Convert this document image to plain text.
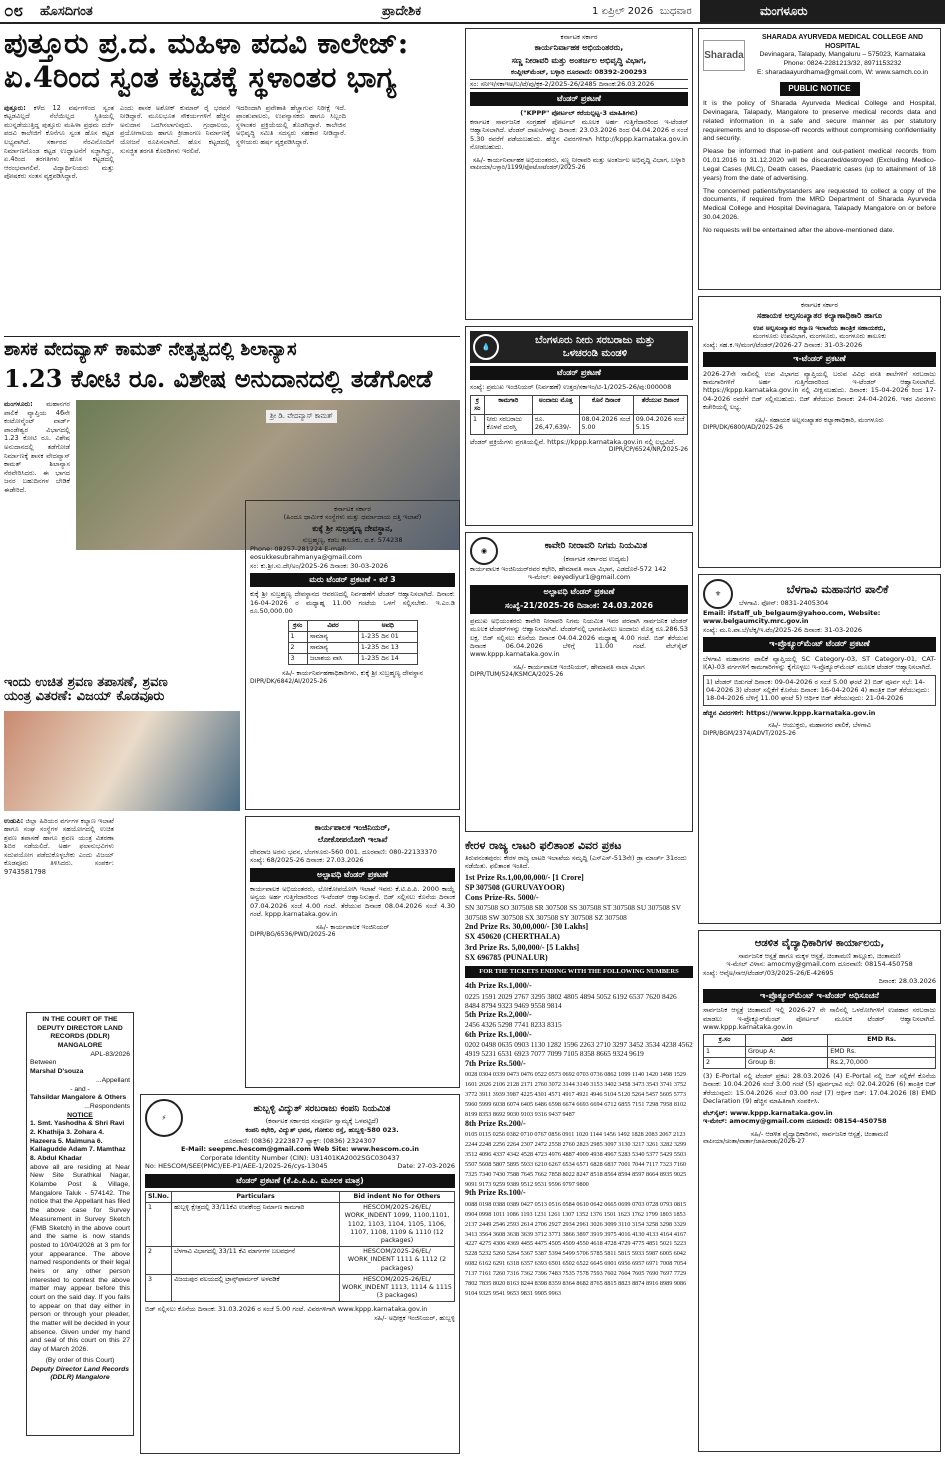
೦೮ ಹೊಸದಿಗಂತ	ಪ್ರಾದೇಶಿಕ	1 ಏಪ್ರಿಲ್ 2026 ಬುಧವಾರ	ಮಂಗಳೂರು
ಪುತ್ತೂರು ಪ್ರ.ದ. ಮಹಿಳಾ ಪದವಿ ಕಾಲೇಜ್:
ಏ.4ರಿಂದ ಸ್ವಂತ ಕಟ್ಟಡಕ್ಕೆ ಸ್ಥಳಾಂತರ ಭಾಗ್ಯ
ಪುತ್ತೂರು: ಕಳೆದ 12 ವರ್ಷಗಳಿಂದ ಸ್ವಂತ ಕಟ್ಟಡವಿಲ್ಲದೆ ನೆಲೆಯಿಲ್ಲದ ಸ್ಥಿತಿಯಲ್ಲಿ ಮುನ್ನಡೆಯುತ್ತಿದ್ದ ಪುತ್ತೂರು ಮಹಿಳಾ ಪ್ರಥಮ ದರ್ಜೆ ಪದವಿ ಕಾಲೇಜಿಗೆ ಕೊನೆಗೂ ಸ್ವಂತ ಹೊಸ ಕಟ್ಟಡ ಲಭ್ಯವಾಗಿದೆ. ಸರ್ಕಾರದ ನೆರವಿನೊಂದಿಗೆ ನಿರ್ಮಾಣಗೊಂಡ ಕಟ್ಟಡ ಉದ್ಘಾಟನೆಗೆ ಸಜ್ಜಾಗಿದ್ದು, ಏ.4ರಿಂದ ತರಗತಿಗಳು ಹೊಸ ಕಟ್ಟಡದಲ್ಲಿ ಆರಂಭವಾಗಲಿವೆ. ವಿದ್ಯಾರ್ಥಿನಿಯರು ಮತ್ತು ಪೋಷಕರು ಸಂತಸ ವ್ಯಕ್ತಪಡಿಸಿದ್ದಾರೆ.
ಎಂದು ಶಾಸಕ ಅಶೋಕ್ ಕುಮಾರ್ ರೈ ಭರವಸೆ ನೀಡಿದ್ದಾರೆ. ಮೂಲಭೂತ ಸೌಕರ್ಯಗಳಿಗೆ ಹೆಚ್ಚಿನ ಅನುದಾನ ಒದಗಿಸಲಾಗುವುದು. ಗ್ರಂಥಾಲಯ, ಪ್ರಯೋಗಾಲಯ ಹಾಗೂ ಕ್ರೀಡಾಂಗಣ ನಿರ್ಮಾಣಕ್ಕೆ ಯೋಜನೆ ರೂಪಿಸಲಾಗಿದೆ. ಹೊಸ ಕಟ್ಟಡದಲ್ಲಿ ಸುಸಜ್ಜಿತ ತರಗತಿ ಕೊಠಡಿಗಳು ಇರಲಿವೆ.
ಇದರಿಂದಾಗಿ ಪ್ರವೇಶಾತಿ ಹೆಚ್ಚಾಗುವ ನಿರೀಕ್ಷೆ ಇದೆ. ಪ್ರಾಂಶುಪಾಲರು, ಉಪನ್ಯಾಸಕರು ಹಾಗೂ ಸಿಬ್ಬಂದಿ ಸ್ಥಳಾಂತರ ಪ್ರಕ್ರಿಯೆಯಲ್ಲಿ ತೊಡಗಿದ್ದಾರೆ. ಕಾಲೇಜಿನ ಅಭಿವೃದ್ಧಿ ಸಮಿತಿ ಸದಸ್ಯರು ಸಹಕಾರ ನೀಡಿದ್ದಾರೆ. ಸ್ಥಳೀಯರು ಹರ್ಷ ವ್ಯಕ್ತಪಡಿಸಿದ್ದಾರೆ.
ಶಾಸಕ ವೇದವ್ಯಾಸ್ ಕಾಮತ್ ನೇತೃತ್ವದಲ್ಲಿ ಶಿಲಾನ್ಯಾಸ
1.23 ಕೋಟಿ ರೂ. ವಿಶೇಷ ಅನುದಾನದಲ್ಲಿ ತಡೆಗೋಡೆ
ಮಂಗಳೂರು: ಮಹಾನಗರ ಪಾಲಿಕೆ ವ್ಯಾಪ್ತಿಯ 46ನೇ ಕಂಟೋನ್ಮೆಂಟ್ ವಾರ್ಡ್ ಪಾಂಡೇಶ್ವರ ವಿಭಾಗದಲ್ಲಿ 1.23 ಕೋಟಿ ರೂ. ವಿಶೇಷ ಅನುದಾನದಲ್ಲಿ ತಡೆಗೋಡೆ ನಿರ್ಮಾಣಕ್ಕೆ ಶಾಸಕ ವೇದವ್ಯಾಸ್ ಕಾಮತ್ ಶಿಲಾನ್ಯಾಸ ನೆರವೇರಿಸಿದರು. ಈ ಭಾಗದ ಜನರ ಬಹುದಿನಗಳ ಬೇಡಿಕೆ ಈಡೇರಿದೆ.
ಶ್ರೀ ಡಿ. ವೇದವ್ಯಾಸ್ ಕಾಮತ್
ಇಂದು ಉಚಿತ ಶ್ರವಣ ತಪಾಸಣೆ, ಶ್ರವಣ
ಯಂತ್ರ ವಿತರಣೆ: ವಿಜಯ್ ಕೊಡವೂರು
ಉಡುಪಿ: ಜಿಲ್ಲಾ ಹಿರಿಯರ ವರ್ಗಗಳ ಕಲ್ಯಾಣ ಇಲಾಖೆ ಹಾಗೂ ಸಂಘ ಸಂಸ್ಥೆಗಳ ಸಹಯೋಗದಲ್ಲಿ ಉಚಿತ ಶ್ರವಣ ತಪಾಸಣೆ ಹಾಗೂ ಶ್ರವಣ ಯಂತ್ರ ವಿತರಣಾ ಶಿಬಿರ ನಡೆಯಲಿದೆ. ಅರ್ಹ ಫಲಾನುಭವಿಗಳು ಸದುಪಯೋಗ ಪಡೆದುಕೊಳ್ಳಬೇಕು ಎಂದು ವಿಜಯ್ ಕೊಡವೂರು ತಿಳಿಸಿದರು. ಸಂಪರ್ಕ: 9743581798
IN THE COURT OF THE DEPUTY DIRECTOR LAND RECORDS (DDLR) MANGALORE
APL-83/2026
Between
Marshal D'souza
...Appellant
- and -
Tahsildar Mangalore & Others
...Respondents
NOTICE
1. Smt. Yashodha & Shri Ravi 2. Khathija 3. Zohara 4. Hazeera 5. Maimuna 6. Kallagudde Adam 7. Mamthaz 8. Abdul Khadar
above all are residing at Near New Site Surathkal Nagar, Kolambe Post & Village, Mangalore Taluk - 574142. The notice that the Appellant has filed the above case for Survey Measurement in Survey Sketch (FMB Sketch) in the above court and the same is now stands posted to 10/04/2026 at 3 pm for your appearance. The above named respondents or their legal heirs or any other person interested to contest the above matter may appear before this court on the said day. If you fails to appear on that day either in person or through your pleader, the matter will be decided in your absence. Given under my hand and seal of this court on this 27 day of March 2026.
(By order of this Court)
Deputy Director Land Records (DDLR) Mangalore
ಕರ್ನಾಟಕ ಸರ್ಕಾರ
(ಹಿಂದೂ ಧಾರ್ಮಿಕ ಸಂಸ್ಥೆಗಳು ಮತ್ತು ಧರ್ಮಾದಾಯ ದತ್ತಿ ಇಲಾಖೆ)
ಕುಕ್ಕೆ ಶ್ರೀ ಸುಬ್ರಹ್ಮಣ್ಯ ದೇವಸ್ಥಾನ,
ಸುಬ್ರಹ್ಮಣ್ಯ, ಕಡಬ ತಾಲೂಕು, ದ.ಕ. 574238
Phone: 08257-281224 E-mail: eosukkesubrahmanya@gmail.com
ಸಂ: ಕು.ಶ್ರೀ.ಸು.ದೇ/ಅಂ/2025-26 ದಿನಾಂಕ: 30-03-2026
ಮರು ಟೆಂಡರ್ ಪ್ರಕಟಣೆ - ಕರೆ 3
ಕುಕ್ಕೆ ಶ್ರೀ ಸುಬ್ರಹ್ಮಣ್ಯ ದೇವಸ್ಥಾನದ ಆವರಣದಲ್ಲಿ ನಿರ್ವಹಣೆಗೆ ಟೆಂಡರ್ ಆಹ್ವಾನಿಸಲಾಗಿದೆ. ದಿನಾಂಕ: 16-04-2026 ರ ಮಧ್ಯಾಹ್ನ 11.00 ಗಂಟೆಯ ಒಳಗೆ ಸಲ್ಲಿಸಬೇಕು. ಇ.ಎಂ.ಡಿ ರೂ.50,000.00
ಕ್ರಸಂ	ವಿವರ	ಅವಧಿ
1	ಸಾಮಾನ್ಯ	1-235 ದಿನ 01
2	ಸಾಮಾನ್ಯ	1-235 ದಿನ 13
3	ಜಲಾಶಯ ವಾಸಿ	1-235 ದಿನ 14
ಸಹಿ/- ಕಾರ್ಯನಿರ್ವಹಣಾಧಿಕಾರಿಗಳು, ಕುಕ್ಕೆ ಶ್ರೀ ಸುಬ್ರಹ್ಮಣ್ಯ ದೇವಸ್ಥಾನ
DIPR/DK/6842/AI/2025-26
ಕಾರ್ಯಪಾಲಕ ಇಂಜಿನಿಯರ್,
ಲೋಕೋಪಯೋಗಿ ಇಲಾಖೆ
ದೇವರಾಜ ಅರಸು ಭವನ, ಬೆಂಗಳೂರು-560 001. ದೂರವಾಣಿ: 080-22133370
ಸಂಖ್ಯೆ: 68/2025-26 ದಿನಾಂಕ: 27.03.2026
ಅಲ್ಪಾವಧಿ ಟೆಂಡರ್ ಪ್ರಕಟಣೆ
ಕಾರ್ಯಪಾಲಕ ಅಭಿಯಂತರರು, ಲೋಕೋಪಯೋಗಿ ಇಲಾಖೆ ಇವರು ಕೆ.ಟಿ.ಪಿ.ಪಿ. 2000 ಕಾಯ್ದೆ ಅನ್ವಯ ಅರ್ಹ ಗುತ್ತಿಗೆದಾರರಿಂದ ಇ-ಟೆಂಡರ್ ಆಹ್ವಾನಿಸುತ್ತಾರೆ. ಬಿಡ್ ಸಲ್ಲಿಸಲು ಕೊನೆಯ ದಿನಾಂಕ 07.04.2026 ಸಂಜೆ 4.00 ಗಂಟೆ. ತೆರೆಯುವ ದಿನಾಂಕ 08.04.2026 ಸಂಜೆ 4.30 ಗಂಟೆ. kppp.karnataka.gov.in
ಸಹಿ/- ಕಾರ್ಯಪಾಲಕ ಇಂಜಿನಿಯರ್
DIPR/BG/6536/PWD/2025-26
⚡
ಹುಬ್ಬಳ್ಳಿ ವಿದ್ಯುತ್ ಸರಬರಾಜು ಕಂಪನಿ ನಿಯಮಿತ
(ಕರ್ನಾಟಕ ಸರ್ಕಾರದ ಸಂಪೂರ್ಣ ಸ್ವಾಮ್ಯಕ್ಕೆ ಒಳಪಟ್ಟಿದೆ)
ಕಂಪನಿ ಕಛೇರಿ, ವಿದ್ಯುತ್ ಭವನ, ಗೋಕುಲ ರಸ್ತೆ, ಹುಬ್ಬಳ್ಳಿ-580 023.
ದೂರವಾಣಿ: (0836) 2223877 ಫ್ಯಾಕ್ಸ್: (0836) 2324307
E-Mail: seepmc.hescom@gmail.com Web Site: www.hescom.co.in
Corporate Identity Number (CIN): U31401KA2002SGC030437
No: HESCOM/SEE(PMC)/EE-P1/AEE-1/2025-26/cys-13045	Date: 27-03-2026
ಟೆಂಡರ್ ಪ್ರಕಟಣೆ (ಕೆ.ಪಿ.ಪಿ.ಪಿ. ಮೂಲಕ ಮಾತ್ರ)
Sl.No.	Particulars	Bid indent No for Others
1	ಹುಬ್ಬಳ್ಳಿ ಕ್ಷೇತ್ರದಲ್ಲಿ 33/11ಕೆವಿ ಉಪಕೇಂದ್ರ ನಿರ್ಮಾಣ ಕಾಮಗಾರಿ	HESCOM/2025-26/EL/ WORK_INDENT 1099, 1100,1101, 1102, 1103, 1104, 1105, 1106, 1107, 1108, 1109 & 1110 (12 packages)
2	ಬೆಳಗಾವಿ ವಿಭಾಗದಲ್ಲಿ 33/11 ಕೆವಿ ಮಾರ್ಗಗಳ ಬಲವರ್ಧನೆ	HESCOM/2025-26/EL/ WORK_INDENT 1111 & 1112 (2 packages)
3	ವಿಜಯಪುರ ವಲಯದಲ್ಲಿ ಟ್ರಾನ್ಸ್‌ಫಾರ್ಮರ್ ಅಳವಡಿಕೆ	HESCOM/2025-26/EL/ WORK_INDENT 1113, 1114 & 1115 (3 packages)
ಬಿಡ್ ಸಲ್ಲಿಸಲು ಕೊನೆಯ ದಿನಾಂಕ: 31.03.2026 ರ ಸಂಜೆ 5.00 ಗಂಟೆ. ವಿವರಗಳಿಗಾಗಿ www.kppp.karnataka.gov.in
ಸಹಿ/- ಅಧೀಕ್ಷಕ ಇಂಜಿನಿಯರ್, ಹುಬ್ಬಳ್ಳಿ
ಕರ್ನಾಟಕ ಸರ್ಕಾರ
ಕಾರ್ಯನಿರ್ವಾಹಕ ಅಭಿಯಂತರರು,
ಸಣ್ಣ ನೀರಾವರಿ ಮತ್ತು ಅಂತರ್ಜಲ ಅಭಿವೃದ್ಧಿ ವಿಭಾಗ,
ಕಂಪ್ಲೀಟ್‌ಮೆಂಟ್, ಬಳ್ಳಾರಿ ದೂರವಾಣಿ: 08392-200293
ಸಂ: ಸನೀಇ/ಸಕಾಇಅ/ಬ/ಟೆ/ಪು/ಕ್ರಕ-2/2025-26/2485 ದಿನಾಂಕ:26.03.2026
ಟೆಂಡರ್ ಪ್ರಕಟಣೆ
("KPPP" ಪೋರ್ಟಲ್ ಕರೆಯಲ್ಪಟ್ಟ-3 ಮಾಹಿತಿಗಳು)
ಕರ್ನಾಟಕ ಸಾರ್ವಜನಿಕ ಸಂಗ್ರಹಣೆ ಪೋರ್ಟಲ್ ಮೂಲಕ ಅರ್ಹ ಗುತ್ತಿಗೆದಾರರಿಂದ ಇ-ಟೆಂಡರ್ ಆಹ್ವಾನಿಸಲಾಗಿದೆ. ಟೆಂಡರ್ ದಾಖಲೆಗಳನ್ನು ದಿನಾಂಕ: 23.03.2026 ರಿಂದ 04.04.2026 ರ ಸಂಜೆ 5.30 ರವರೆಗೆ ಪಡೆಯಬಹುದು. ಹೆಚ್ಚಿನ ವಿವರಗಳಿಗಾಗಿ http://kppp.karnataka.gov.in ನೋಡಬಹುದು.
ಸಹಿ/- ಕಾರ್ಯನಿರ್ವಾಹಕ ಅಭಿಯಂತರರು, ಸಣ್ಣ ನೀರಾವರಿ ಮತ್ತು ಅಂತರ್ಜಲ ಅಭಿವೃದ್ಧಿ ವಿಭಾಗ, ಬಳ್ಳಾರಿ
ವಾಪೀಯಾ/ಬಳ್ಳಾರಿ/1199/ಫೋಟೋಟೆಂಡರ್/2025-26
💧
ಬೆಂಗಳೂರು ನೀರು ಸರಬರಾಜು ಮತ್ತು
ಒಳಚರಂಡಿ ಮಂಡಳಿ
ಟೆಂಡರ್ ಪ್ರಕಟಣೆ
ಸಂಖ್ಯೆ: ಪ್ರಮುಖ ಇಂಜಿನಿಯರ್ (ನಿರ್ವಹಣೆ) ಉತ್ತರ/ಸಕಾಇಂ/ಟಿ-1/2025-26/ಪು:000008
ಕ್ರ ಸಂ	ಕಾಮಗಾರಿ	ಅಂದಾಜು ಮೊತ್ತ	ಕೊನೆ ದಿನಾಂಕ	ತೆರೆಯುವ ದಿನಾಂಕ
1	ನೀರು ಸರಬರಾಜು ಕೊಳವೆ ದುರಸ್ತಿ	ರೂ. 26,47,639/-	08.04.2026 ಸಂಜೆ 5.00	09.04.2026 ಸಂಜೆ 5.15
ಟೆಂಡರ್ ಪ್ರಕ್ರಿಯೆಗಳು ಪ್ರಗತಿಯಲ್ಲಿವೆ. https://kppp.karnataka.gov.in ನಲ್ಲಿ ಲಭ್ಯವಿದೆ.
DIPR/CP/6524/NR/2025-26
◉
ಕಾವೇರಿ ನೀರಾವರಿ ನಿಗಮ ನಿಯಮಿತ
(ಕರ್ನಾಟಕ ಸರ್ಕಾರದ ಉದ್ಯಮ)
ಕಾರ್ಯಪಾಲಕ ಇಂಜಿನಿಯರ್‌ರವರ ಕಛೇರಿ, ಹೇಮಾವತಿ ನಾಲಾ ವಿಭಾಗ, ಎಡದೊರೆ-572 142
ಇ-ಮೇಲ್: eeyediyur1@gmail.com
ಅಲ್ಪಾವಧಿ ಟೆಂಡರ್ ಪ್ರಕಟಣೆ
ಸಂಖ್ಯೆ-21/2025-26 ದಿನಾಂಕ: 24.03.2026
ಪ್ರಮುಖ ಅಭಿಯಂತರರು ಕಾವೇರಿ ನೀರಾವರಿ ನಿಗಮ ನಿಯಮಿತ ಇವರ ಪರವಾಗಿ ಸಾರ್ವಜನಿಕ ಟೆಂಡರ್ ಮೂಲಕ ಟೆಂಡರ್‌ಗಳನ್ನು ಆಹ್ವಾನಿಸಲಾಗಿದೆ. ಟೆಂಡರ್‌ನಲ್ಲಿ ಭಾಗವಹಿಸಲು ಅಂದಾಜು ಮೊತ್ತ ರೂ.286.53 ಲಕ್ಷ. ಬಿಡ್ ಸಲ್ಲಿಸಲು ಕೊನೆಯ ದಿನಾಂಕ 04.04.2026 ಮಧ್ಯಾಹ್ನ 4.00 ಗಂಟೆ. ಬಿಡ್ ತೆರೆಯುವ ದಿನಾಂಕ 06.04.2026 ಬೆಳಿಗ್ಗೆ 11.00 ಗಂಟೆ. ವೆಬ್‌ಸೈಟ್ www.kppp.karnataka.gov.in
ಸಹಿ/- ಕಾರ್ಯಪಾಲಕ ಇಂಜಿನಿಯರ್, ಹೇಮಾವತಿ ನಾಲಾ ವಿಭಾಗ
DIPR/TUM/524/KSMCA/2025-26
ಕೇರಳ ರಾಜ್ಯ ಲಾಟರಿ ಫಲಿತಾಂಶ ವಿವರ ಪ್ರಕಟ
ತಿರುವನಂತಪುರಂ: ಕೇರಳ ರಾಜ್ಯ ಲಾಟರಿ ಇಲಾಖೆಯ ಸಮೃದ್ಧಿ (ಎಸ್‌ಎಸ್-513ನೇ) ಡ್ರಾ ಮಾರ್ಚ್ 31ರಂದು ನಡೆಯಿತು. ಫಲಿತಾಂಶ ಇಂತಿದೆ.
1st Prize Rs.1,00,00,000/- [1 Crore]
SP 307508 (GURUVAYOOR)
Cons Prize-Rs. 5000/-
SN 307508 SO 307508 SR 307508 SS 307508 ST 307508 SU 307508 SV 307508 SW 307508 SX 307508 SY 307508 SZ 307508
2nd Prize Rs. 30,00,000/- [30 Lakhs]
SX 450620 (CHERTHALA)
3rd Prize Rs. 5,00,000/- [5 Lakhs]
SX 696785 (PUNALUR)
FOR THE TICKETS ENDING WITH THE FOLLOWING NUMBERS
4th Prize Rs.1,000/-
0225 1591 2029 2767 3295 3802 4805 4894 5052 6192 6537 7620 8426 8484 8794 9323 9469 9558 9814
5th Prize Rs.2,000/-
2456 4326 5298 7741 8233 8315
6th Prize Rs.1,000/-
0202 0498 0635 0903 1130 1282 1596 2263 2710 3297 3452 3534 4238 4562 4919 5231 6531 6923 7077 7099 7105 8358 8665 9324 9619
7th Prize Rs.500/-
0028 0304 0339 0473 0476 0522 0573 0692 0703 0736 0862 1099 1140 1420 1498 1529 1601 2026 2106 2128 2171 2760 3072 3144 3149 3153 3402 3458 3473 3543 3741 3752 3772 3911 3939 3987 4225 4301 4571 4917 4921 4946 5104 5120 5264 5457 5605 5773 5960 5999 6038 6074 6405 6486 6598 6674 6693 6694 6712 6855 7151 7298 7958 8102 8199 8353 8692 9030 9103 9316 9437 9487
8th Prize Rs.200/-
0105 0115 0256 0382 0710 0767 0856 0911 1020 1144 1456 1492 1828 2083 2067 2123 2244 2248 2256 2264 2307 2472 2558 2760 2823 2985 3097 3130 3217 3261 3282 3299 3512 4096 4337 4342 4528 4723 4976 4887 4909 4938 4967 5283 5340 5377 5429 5503 5507 5608 5807 5895 5933 6210 6267 6534 6571 6828 6837 7001 7044 7117 7323 7160 7325 7340 7430 7588 7645 7662 7858 8022 8247 8518 8564 8594 8597 8664 8935 9025 9091 9173 9259 9389 9512 9531 9596 9797 9800
9th Prize Rs.100/-
0088 0198 0388 0389 0427 0513 0516 0584 0610 0642 0665 0699 0703 0728 0793 0815 0904 0998 1011 1086 1193 1231 1261 1307 1352 1376 1501 1623 1762 1799 1803 1853 2137 2449 2546 2593 2614 2706 2927 2934 2961 3026 3099 3110 3154 3258 3298 3329 3413 3564 3608 3638 3639 3712 3771 3866 3897 3919 3975 4016 4130 4133 4164 4167 4227 4275 4306 4369 4455 4475 4505 4509 4550 4618 4728 4729 4775 4851 5021 5223 5228 5232 5260 5264 5367 5387 5394 5499 5706 5785 5811 5815 5933 5987 6005 6042 6082 6162 6291 6318 6357 6393 6501 6502 6522 6645 6901 6956 6957 6971 7008 7054 7137 7161 7260 7316 7362 7396 7483 7535 7578 7593 7602 7604 7605 7690 7697 7729 7802 7835 8020 8163 8244 8398 8359 8364 8682 8765 8815 8823 8874 8916 8989 9086 9104 9325 9541 9653 9831 9905 9963
Sharada
SHARADA AYURVEDA MEDICAL COLLEGE AND HOSPITAL
Devinagara, Talapady, Mangaluru – 575023, Karnataka
Phone: 0824-2281213/32, 8971153232
E: sharadaayurdhama@gmail.com, W: www.samch.co.in
PUBLIC NOTICE

It is the policy of Sharada Ayurveda Medical College and Hospital, Devinagara, Talapady, Mangalore to preserve medical records data and related information in a safe and secure manner as per statutory requirements and to dispose-off records without compromising confidentiality and security.

Please be informed that in-patient and out-patient medical records from 01.01.2016 to 31.12.2020 will be discarded/destroyed (Excluding Medico-Legal Cases (MLC), Death cases, Paediatric cases (up to attainment of 18 years) from the date of advertising.

The concerned patients/bystanders are requested to collect a copy of the documents, if required from the MRD Department of Sharada Ayurveda Medical College and Hospital Devinagara, Talapady Mangalore on or before 30.04.2026.

No requests will be entertained after the above-mentioned date.

ಕರ್ನಾಟಕ ಸರ್ಕಾರ
ಸಹಾಯಕ ಅಲ್ಪಸಂಖ್ಯಾತರ ಕಲ್ಯಾಣಾಧಿಕಾರಿ ಹಾಗೂ
ಉಪ ಅಲ್ಪಸಂಖ್ಯಾತರ ಕಲ್ಯಾಣ ಇಲಾಖೆಯ ತಾಂತ್ರಿಕ ಸಹಾಯಕರು,
ಮಂಗಳೂರು ಉಪವಿಭಾಗ, ಮಂಗಳೂರು, ಮಂಗಳೂರು ತಾಲೂಕು
ಸಂಖ್ಯೆ: ಸಹ.ಕ.ಇ/ಮಂಗ/ಟೆಂಡರ್/2026-27 ದಿನಾಂಕ: 31-03-2026
ಇ-ಟೆಂಡರ್ ಪ್ರಕಟಣೆ
2026-27ನೇ ಸಾಲಿನಲ್ಲಿ ಉಪ ವಿಭಾಗದ ವ್ಯಾಪ್ತಿಯಲ್ಲಿ ಬರುವ ವಿವಿಧ ವಸತಿ ಶಾಲೆಗಳಿಗೆ ಸರಬರಾಜು ಕಾಮಗಾರಿಗಳಿಗೆ ಅರ್ಹ ಗುತ್ತಿಗೆದಾರರಿಂದ ಇ-ಟೆಂಡರ್ ಆಹ್ವಾನಿಸಲಾಗಿದೆ. https://kppp.karnataka.gov.in ನಲ್ಲಿ ವೀಕ್ಷಿಸಬಹುದು. ದಿನಾಂಕ: 15-04-2026 ರಿಂದ 17-04-2026 ರವರೆಗೆ ಬಿಡ್ ಸಲ್ಲಿಸಬಹುದು. ಬಿಡ್ ತೆರೆಯುವ ದಿನಾಂಕ: 24-04-2026. ಇತರ ವಿವರಗಳು ಕಚೇರಿಯಲ್ಲಿ ಲಭ್ಯ.
ಸಹಿ/- ಸಹಾಯಕ ಅಲ್ಪಸಂಖ್ಯಾತರ ಕಲ್ಯಾಣಾಧಿಕಾರಿ, ಮಂಗಳೂರು
DIPR/DK/6800/AD/2025-26
⚜	ಬೆಳಗಾವಿ ಮಹಾನಗರ ಪಾಲಿಕೆ
ಬೆಳಗಾವಿ. ಫೋನ್: 0831-2405304
Email: ifstaff_ub_belgaum@yahoo.com, Website: www.belgaumcity.mrc.gov.in
ಸಂಖ್ಯೆ: ಮ.ನಿ.ಪಾ.ಬೆ/ಲೆಕ್ಕ/ಇ.ಟೆಂ/2025-26 ದಿನಾಂಕ: 31-03-2026
ಇ-ಪ್ರೊಕ್ಯೂರ್‌ಮೆಂಟ್ ಟೆಂಡರ್ ಪ್ರಕಟಣೆ
ಬೆಳಗಾವಿ ಮಹಾನಗರ ಪಾಲಿಕೆ ವ್ಯಾಪ್ತಿಯಲ್ಲಿ SC Category-03, ST Category-01, CAT-I(A)-03 ವರ್ಗಗಳಿಗೆ ಕಾಮಗಾರಿಗಳನ್ನು ಕೈಗೊಳ್ಳಲು ಇ-ಪ್ರೊಕ್ಯೂರ್‌ಮೆಂಟ್ ಮೂಲಕ ಟೆಂಡರ್ ಆಹ್ವಾನಿಸಲಾಗಿದೆ.
1) ಟೆಂಡರ್ ಬಿಡುಗಡೆ ದಿನಾಂಕ: 09-04-2026 ರ ಸಂಜೆ 5.00 ಘಂಟೆ 2) ಬಿಡ್ ಪೂರ್ವ ಸಭೆ: 14-04-2026 3) ಟೆಂಡರ್ ಸಲ್ಲಿಕೆಗೆ ಕೊನೆಯ ದಿನಾಂಕ: 16-04-2026 4) ತಾಂತ್ರಿಕ ಬಿಡ್ ತೆರೆಯುವುದು: 18-04-2026 ಬೆಳಿಗ್ಗೆ 11.00 ಘಂಟೆ 5) ಆರ್ಥಿಕ ಬಿಡ್ ತೆರೆಯುವುದು: 21-04-2026
ಹೆಚ್ಚಿನ ವಿವರಗಳಿಗೆ: https://www.kppp.karnataka.gov.in
ಸಹಿ/- ಆಯುಕ್ತರು, ಮಹಾನಗರ ಪಾಲಿಕೆ, ಬೆಳಗಾವಿ
DIPR/BGM/2374/ADVT/2025-26
ಆಡಳಿತ ವೈದ್ಯಾಧಿಕಾರಿಗಳ ಕಾರ್ಯಾಲಯ,
ಸಾರ್ವಜನಿಕ ಆಸ್ಪತ್ರೆ ಹಾಗೂ ಮಕ್ಕಳ ಆಸ್ಪತ್ರೆ, ಚಿಂತಾಮಣಿ ತಾಲ್ಲೂಕು, ಚಿಂತಾಮಣಿ
ಇ-ಮೇಲ್ ವಿಳಾಸ: amocmy@gmail.com ದೂರವಾಣಿ: 08154-450758
ಸಂಖ್ಯೆ: ಆವೈಅ/ಸಾಆ/ಟೆಂಡರ್/03/2025-26/E-42695
ದಿನಾಂಕ: 28.03.2026
ಇ-ಪ್ರೊಕ್ಯೂರ್‌ಮೆಂಟ್ ಇ-ಟೆಂಡರ್ ಅಧಿಸೂಚನೆ
ಸಾರ್ವಜನಿಕ ಆಸ್ಪತ್ರೆ ಚಿಂತಾಮಣಿ ಇಲ್ಲಿ 2026-27 ನೇ ಸಾಲಿನಲ್ಲಿ ಒಳರೋಗಿಗಳಿಗೆ ಉಪಹಾರ ಸರಬರಾಜು ಮಾಡಲು ಇ-ಪ್ರೊಕ್ಯೂರ್‌ಮೆಂಟ್ ಪೋರ್ಟಲ್ ಮೂಲಕ ಟೆಂಡರ್ ಆಹ್ವಾನಿಸಲಾಗಿದೆ. www.kppp.karnataka.gov.in
ಕ್ರ.ಸಂ	ವಿವರ	EMD Rs.
1	Group A:	EMD Rs.
2	Group B:	Rs.2,70,000
(3) E-Portal ನಲ್ಲಿ ಟೆಂಡರ್ ಪ್ರಕಟ: 28.03.2026 (4) E-Portal ನಲ್ಲಿ ಬಿಡ್ ಸಲ್ಲಿಕೆಗೆ ಕೊನೆಯ ದಿನಾಂಕ: 10.04.2026 ಸಂಜೆ 3.00 ಗಂಟೆ (5) ಪೂರ್ವಭಾವಿ ಸಭೆ: 02.04.2026 (6) ತಾಂತ್ರಿಕ ಬಿಡ್ ತೆರೆಯುವುದು: 15.04.2026 ಸಂಜೆ 03.00 ಗಂಟೆ (7) ಆರ್ಥಿಕ ಬಿಡ್: 17.04.2026 (8) EMD Declaration (9) ಹೆಚ್ಚಿನ ಮಾಹಿತಿಗಾಗಿ ಸಂಪರ್ಕಿಸಿ.
ವೆಬ್‌ಸೈಟ್: www.kppp.karnataka.gov.in
ಇ-ಮೇಲ್: amocmy@gmail.com ದೂರವಾಣಿ: 08154-450758
ಸಹಿ/- ಆಡಳಿತ ವೈದ್ಯಾಧಿಕಾರಿಗಳು, ಸಾರ್ವಜನಿಕ ಆಸ್ಪತ್ರೆ, ಚಿಂತಾಮಣಿ
ವಾಪೀಯಾ/ಚಿಂತಾ/ವಾರ್ತಾ/ಜಾಹೀರಾತು/2026-27
